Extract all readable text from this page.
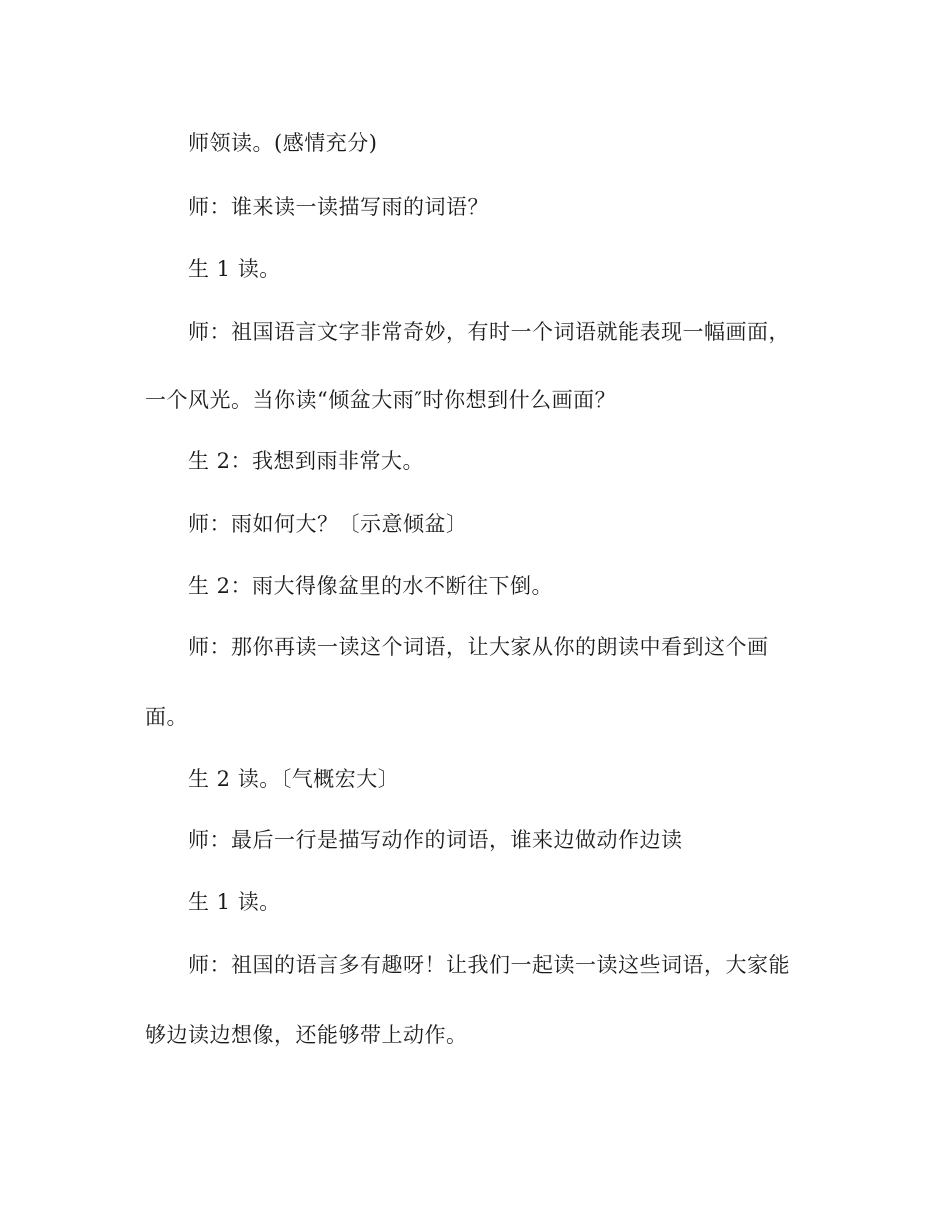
师领读。(感情充分)

师：谁来读一读描写雨的词语？

生 1 读。

师：祖国语言文字非常奇妙，有时一个词语就能表现一幅画面，

一个风光。当你读“倾盆大雨″时你想到什么画面？

生 2：我想到雨非常大。

师：雨如何大？〔示意倾盆〕

生 2：雨大得像盆里的水不断往下倒。

师：那你再读一读这个词语，让大家从你的朗读中看到这个画

面。

生 2 读。〔气概宏大〕

师：最后一行是描写动作的词语，谁来边做动作边读

生 1 读。

师：祖国的语言多有趣呀！让我们一起读一读这些词语，大家能

够边读边想像，还能够带上动作。
